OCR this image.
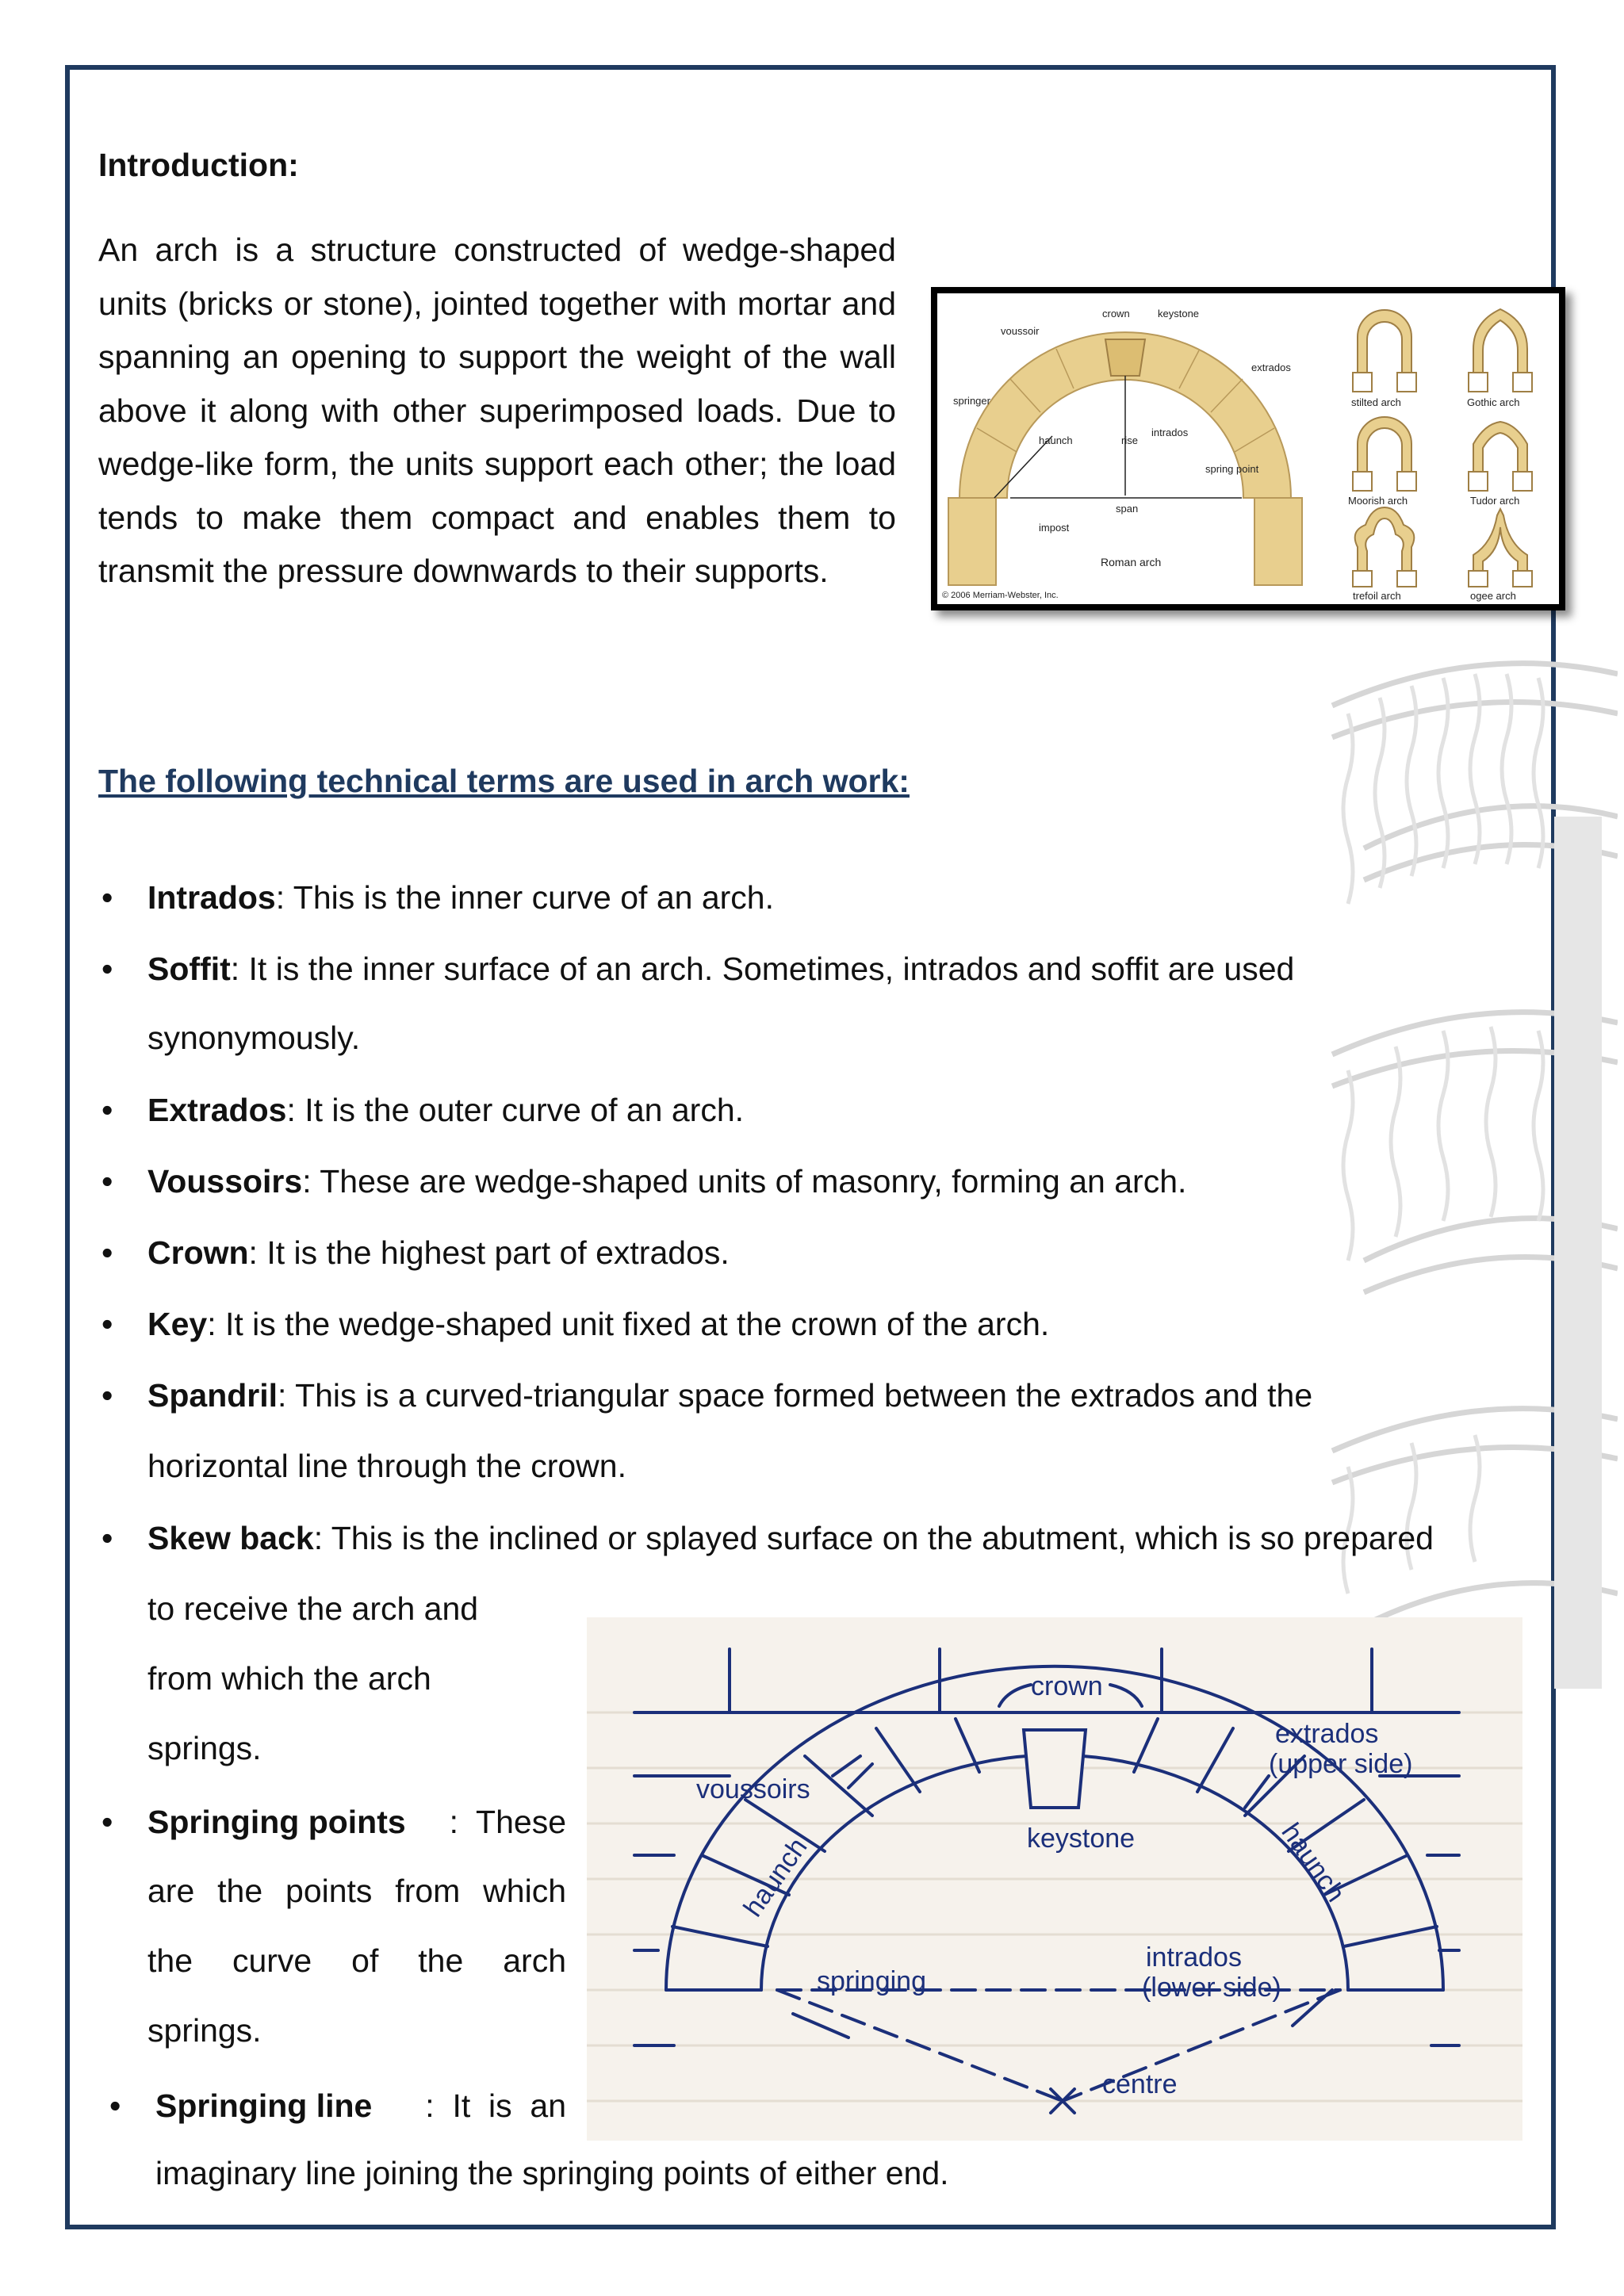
Introduction:
An arch is a structure constructed of wedge-shaped units (bricks or stone), jointed together with mortar and spanning an opening to support the weight of the wall above it along with other superimposed loads. Due to wedge-like form, the units support each other; the load tends to make them compact and enables them to transmit the pressure downwards to their supports.
crown	keystone
voussoir
extrados
springer
haunch	rise
intrados
spring point
span
impost
Roman arch
© 2006 Merriam-Webster, Inc.
stilted arch	Gothic arch
Moorish arch	Tudor arch
trefoil arch	ogee arch
The following technical terms are used in arch work:
• Intrados: This is the inner curve of an arch.
• Soffit: It is the inner surface of an arch. Sometimes, intrados and soffit are used
synonymously.
• Extrados: It is the outer curve of an arch.
• Voussoirs: These are wedge-shaped units of masonry, forming an arch.
• Crown: It is the highest part of extrados.
• Key: It is the wedge-shaped unit fixed at the crown of the arch.
• Spandril: This is a curved-triangular space formed between the extrados and the
horizontal line through the crown.
• Skew back: This is the inclined or splayed surface on the abutment, which is so prepared
to receive the arch and
from which the arch
springs.
• Springing points :  These
are the points from which
the curve of the arch
springs.
• Springing line :  It  is  an
imaginary line joining the springing points of either end.
crown
voussoirs
extrados
(upper side)
keystone
haunch	haunch
intrados
(lower side)
springing
centre
